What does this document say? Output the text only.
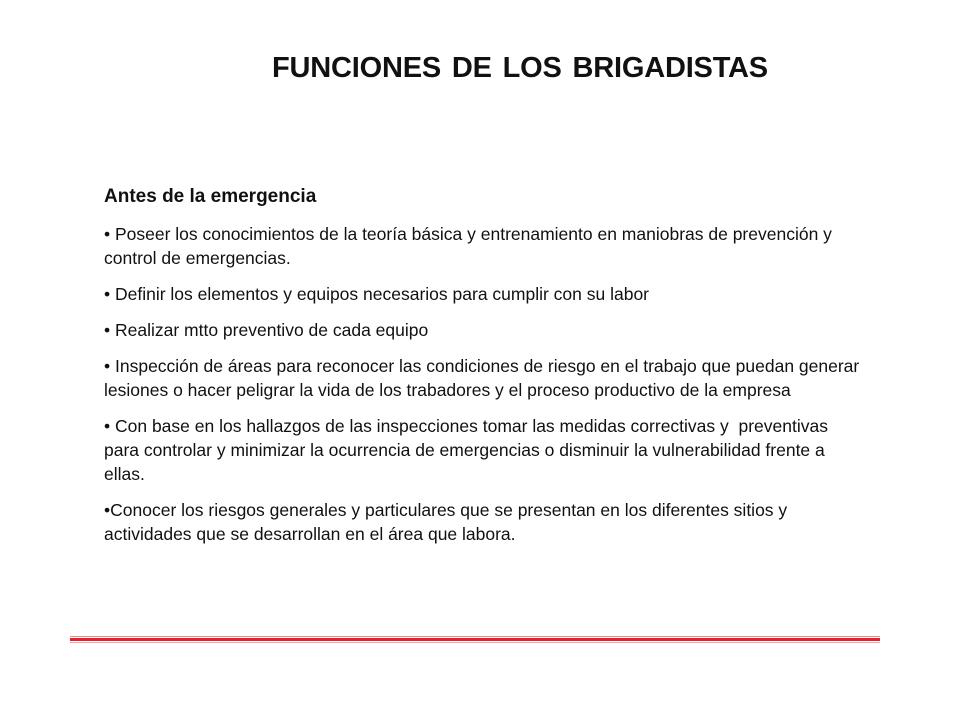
FUNCIONES DE LOS BRIGADISTAS
Antes de la emergencia
• Poseer los conocimientos de la teoría básica y entrenamiento en maniobras de prevención y control de emergencias.
• Definir los elementos y equipos necesarios para cumplir con su labor
• Realizar mtto preventivo de cada equipo
• Inspección de áreas para reconocer las condiciones de riesgo en el trabajo que puedan generar lesiones o hacer peligrar la vida de los trabadores y el proceso productivo de la empresa
• Con base en los hallazgos de las inspecciones tomar las medidas correctivas y  preventivas para controlar y minimizar la ocurrencia de emergencias o disminuir la vulnerabilidad frente a ellas.
•Conocer los riesgos generales y particulares que se presentan en los diferentes sitios y actividades que se desarrollan en el área que labora.
